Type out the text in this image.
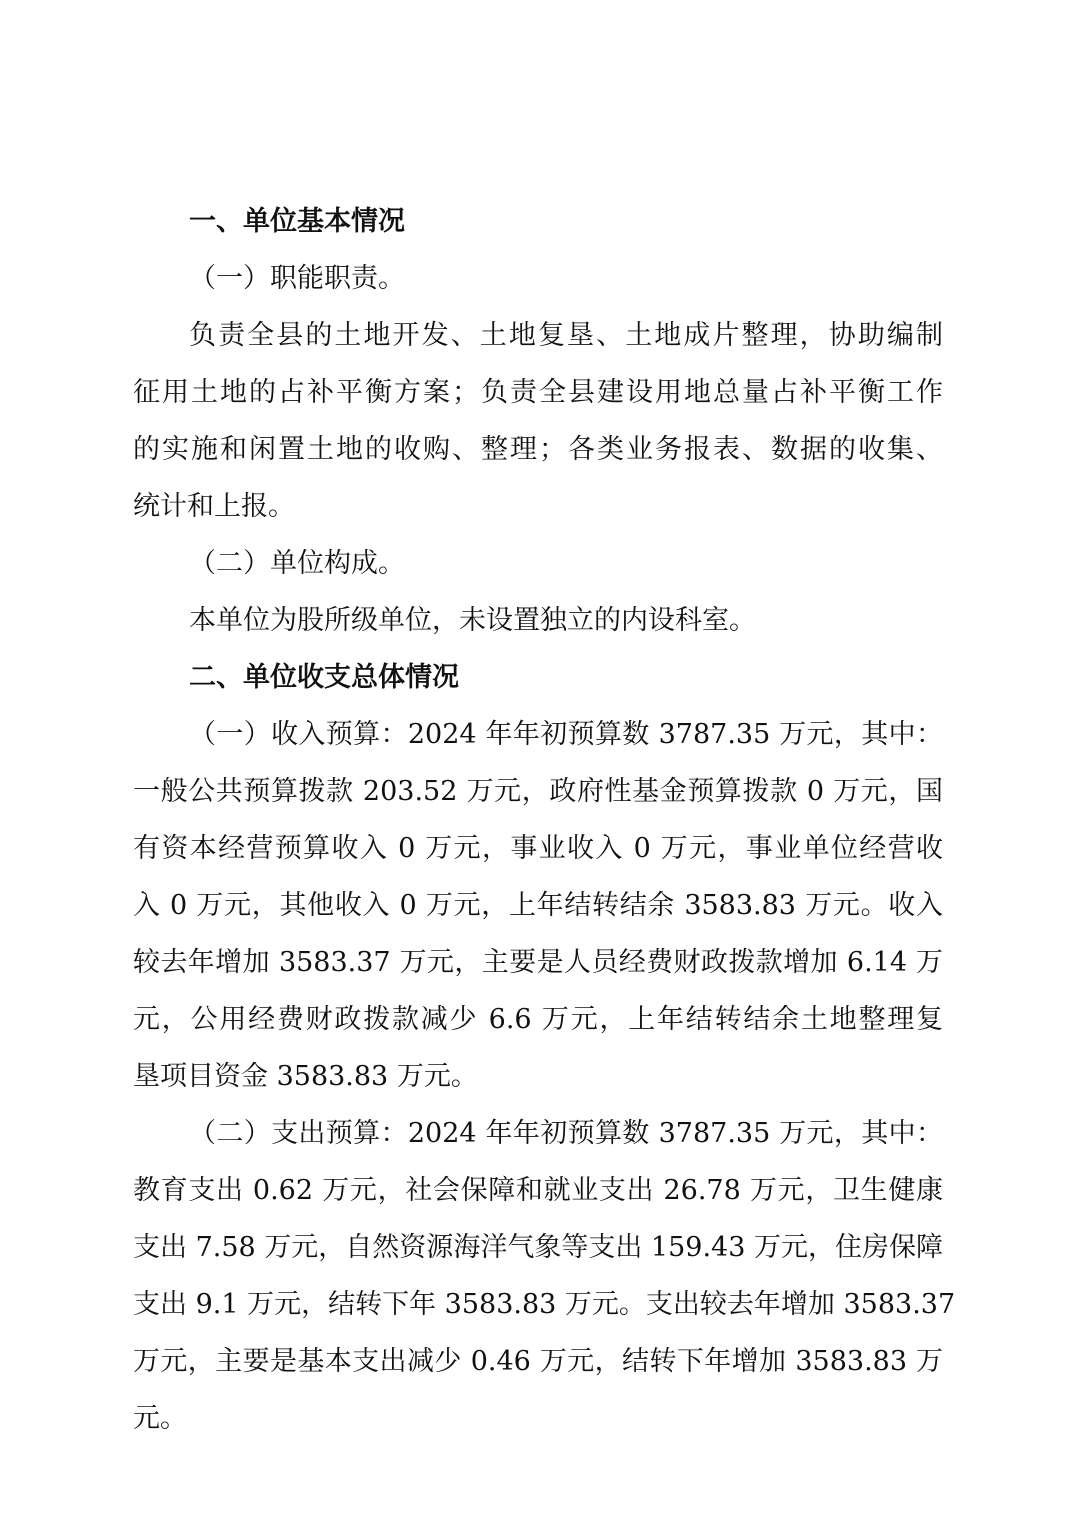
一、单位基本情况
（一）职能职责。
负责全县的土地开发、土地复垦、土地成片整理，协助编制
征用土地的占补平衡方案；负责全县建设用地总量占补平衡工作
的实施和闲置土地的收购、整理；各类业务报表、数据的收集、
统计和上报。
（二）单位构成。
本单位为股所级单位，未设置独立的内设科室。
二、单位收支总体情况
（一）收入预算：2024 年年初预算数 3787.35 万元，其中：
一般公共预算拨款 203.52 万元，政府性基金预算拨款 0 万元，国
有资本经营预算收入 0 万元，事业收入 0 万元，事业单位经营收
入 0 万元，其他收入 0 万元，上年结转结余 3583.83 万元。收入
较去年增加 3583.37 万元，主要是人员经费财政拨款增加 6.14 万
元，公用经费财政拨款减少 6.6 万元，上年结转结余土地整理复
垦项目资金 3583.83 万元。
（二）支出预算：2024 年年初预算数 3787.35 万元，其中：
教育支出 0.62 万元，社会保障和就业支出 26.78 万元，卫生健康
支出 7.58 万元，自然资源海洋气象等支出 159.43 万元，住房保障
支出 9.1 万元，结转下年 3583.83 万元。支出较去年增加 3583.37
万元，主要是基本支出减少 0.46 万元，结转下年增加 3583.83 万
元。
